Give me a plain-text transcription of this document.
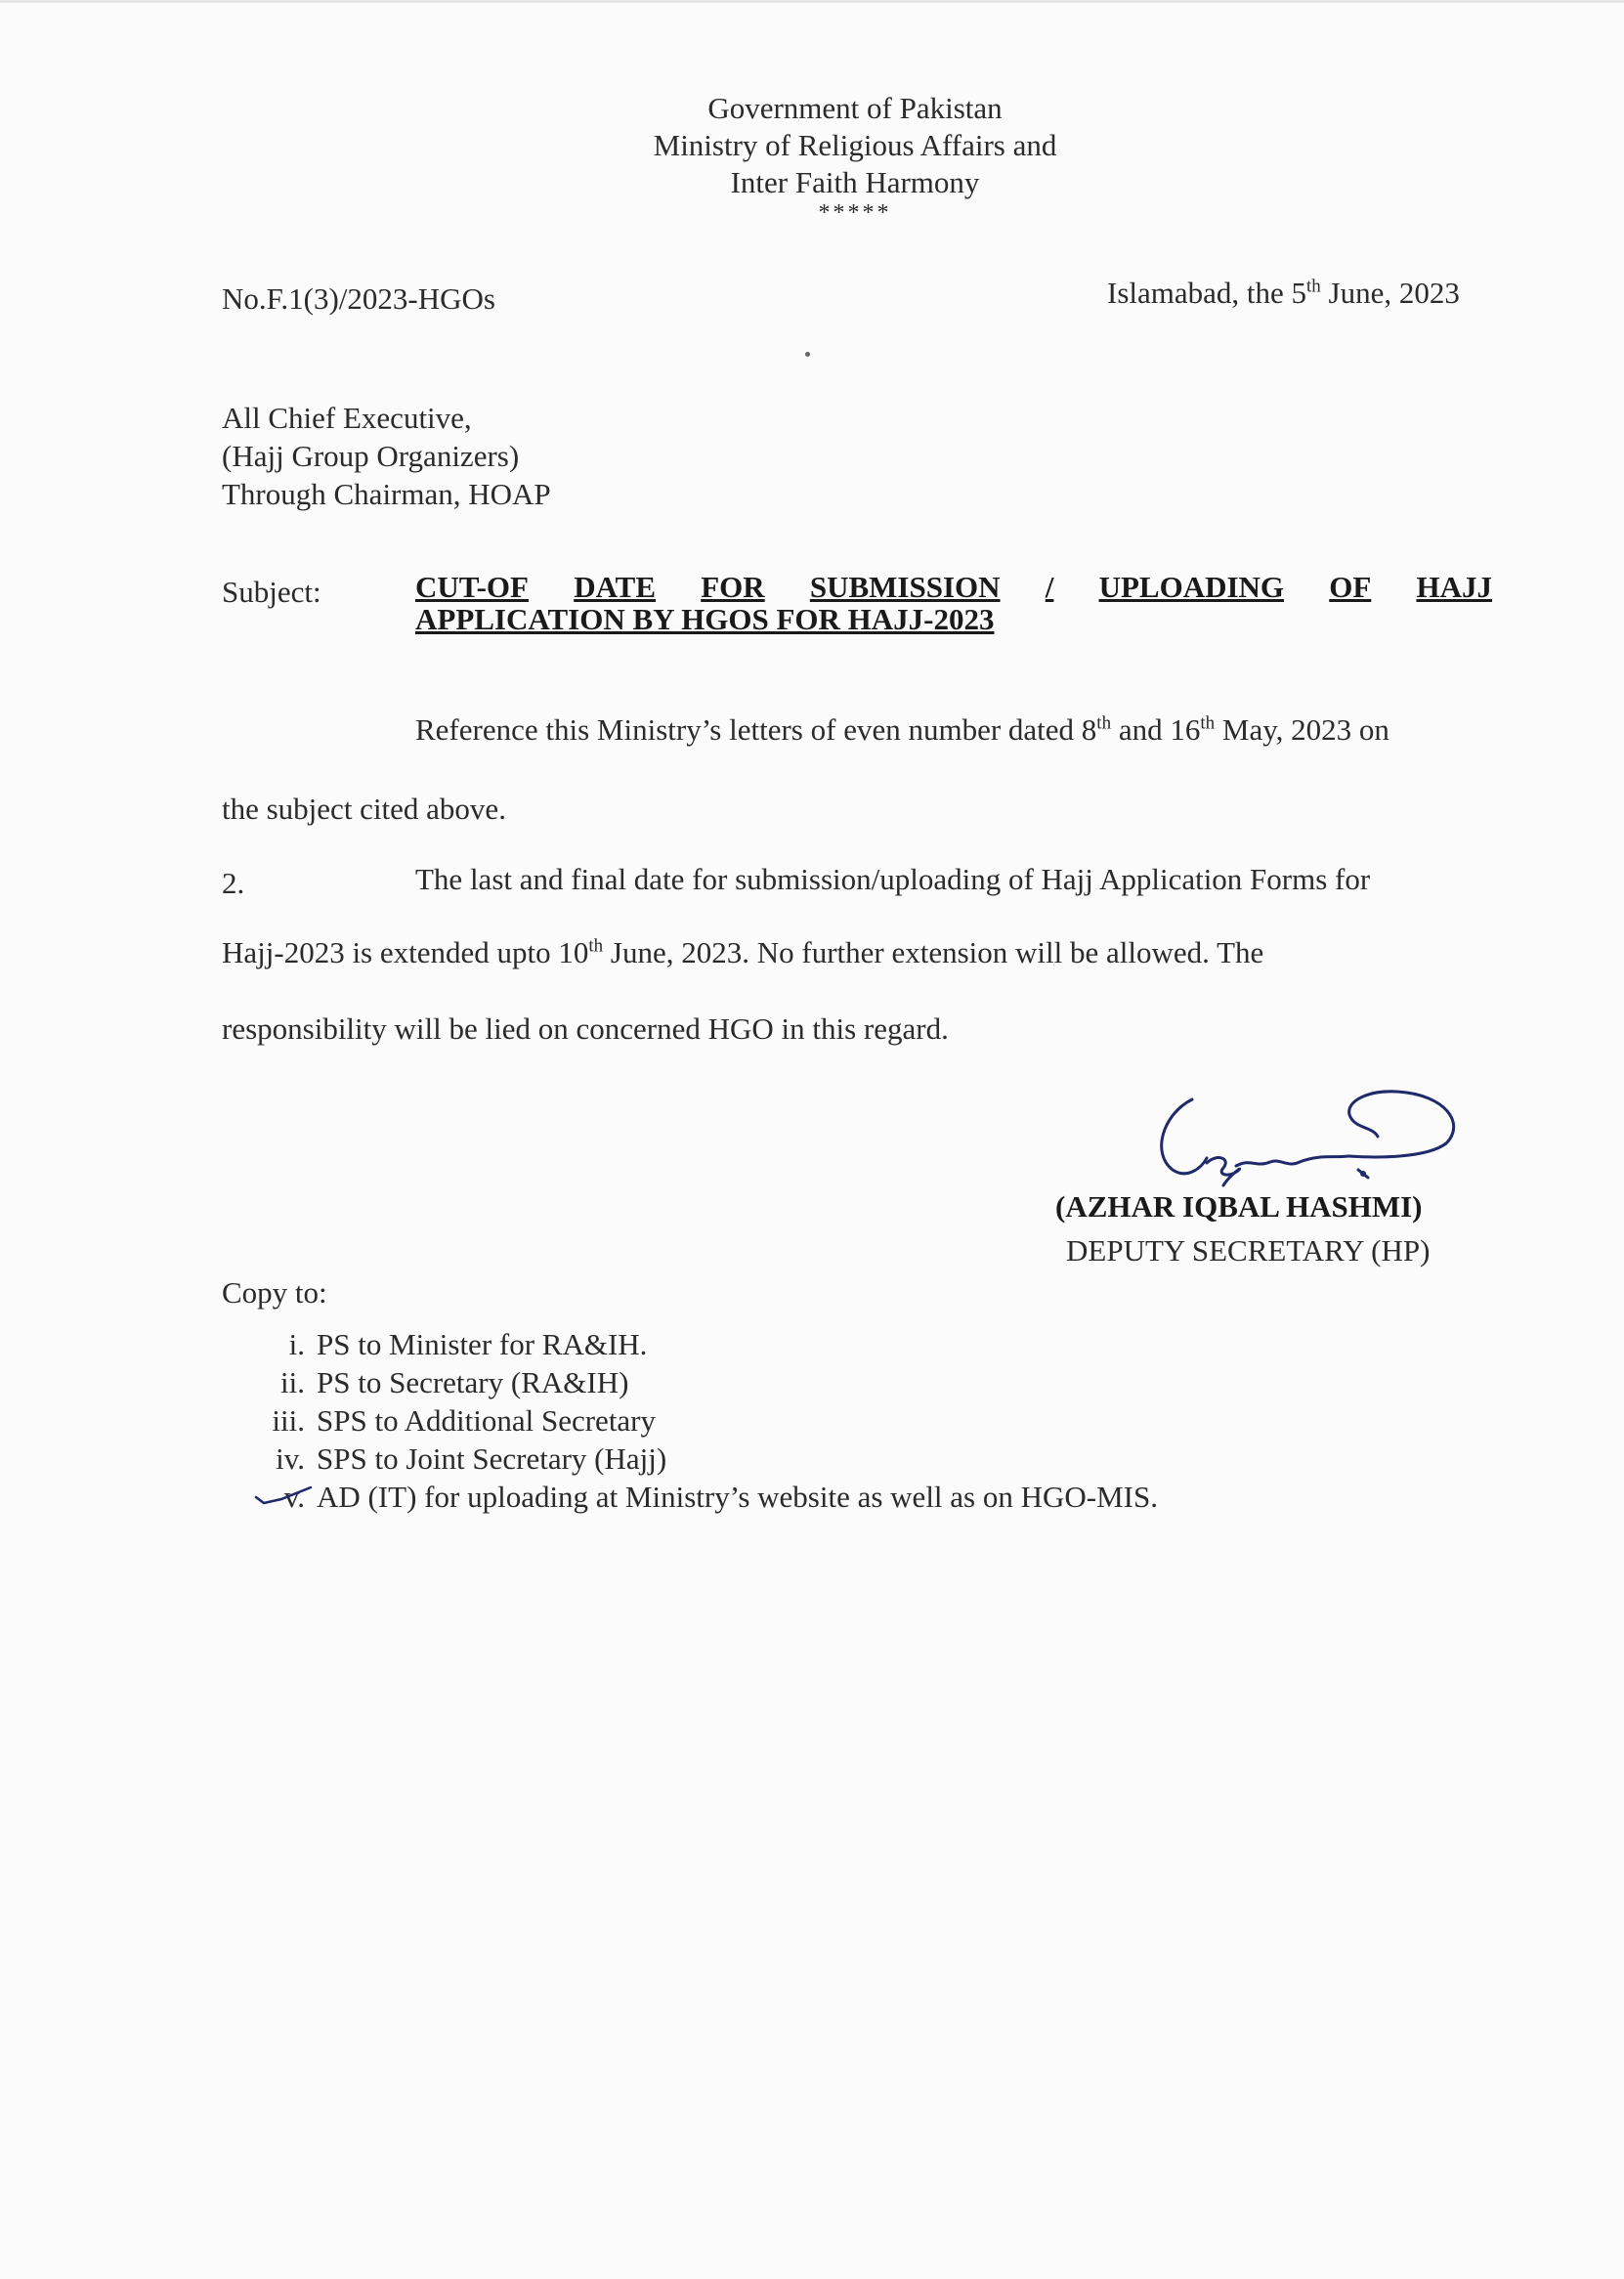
Government of Pakistan
Ministry of Religious Affairs and
Inter Faith Harmony
*****
No.F.1(3)/2023-HGOs	Islamabad, the 5th June, 2023
All Chief Executive,
(Hajj Group Organizers)
Through Chairman, HOAP
Subject:	CUT-OF DATE FOR SUBMISSION / UPLOADING OF HAJJ
APPLICATION BY HGOS FOR HAJJ-2023
Reference this Ministry’s letters of even number dated 8th and 16th May, 2023 on
the subject cited above.
2.	The last and final date for submission/uploading of Hajj Application Forms for
Hajj-2023 is extended upto 10th June, 2023. No further extension will be allowed. The
responsibility will be lied on concerned HGO in this regard.
(AZHAR IQBAL HASHMI)
DEPUTY SECRETARY (HP)
Copy to:
i. PS to Minister for RA&IH.
ii. PS to Secretary (RA&IH)
iii. SPS to Additional Secretary
iv. SPS to Joint Secretary (Hajj)
v. AD (IT) for uploading at Ministry’s website as well as on HGO-MIS.
